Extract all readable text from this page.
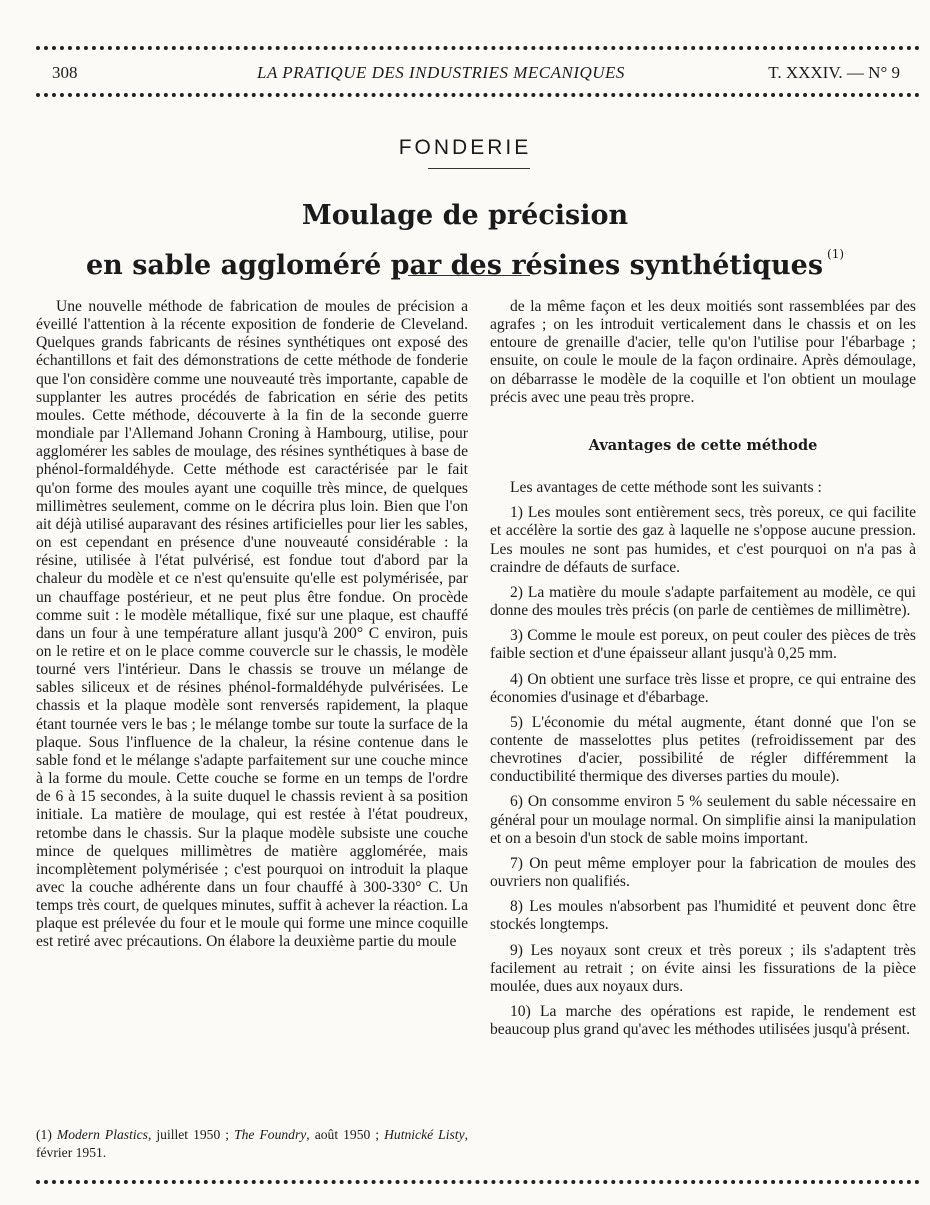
308	LA PRATIQUE DES INDUSTRIES MECANIQUES	T. XXXIV. — N° 9
FONDERIE
Moulage de précision
en sable aggloméré par des résines synthétiques $^{(1)}$

Une nouvelle méthode de fabrication de moules de précision a éveillé l'attention à la récente exposition de fonderie de Cleveland. Quelques grands fabricants de résines synthétiques ont exposé des échantillons et fait des démonstrations de cette méthode de fonderie que l'on considère comme une nouveauté très importante, capable de supplanter les autres procédés de fabrication en série des petits moules. Cette méthode, découverte à la fin de la seconde guerre mondiale par l'Allemand Johann Croning à Hambourg, utilise, pour agglomérer les sables de moulage, des résines synthétiques à base de phénol-formaldéhyde. Cette méthode est caractérisée par le fait qu'on forme des moules ayant une coquille très mince, de quelques millimètres seulement, comme on le décrira plus loin. Bien que l'on ait déjà utilisé auparavant des résines artificielles pour lier les sables, on est cependant en présence d'une nouveauté considérable : la résine, utilisée à l'état pulvérisé, est fondue tout d'abord par la chaleur du modèle et ce n'est qu'ensuite qu'elle est polymérisée, par un chauffage postérieur, et ne peut plus être fondue. On procède comme suit : le modèle métallique, fixé sur une plaque, est chauffé dans un four à une température allant jusqu'à 200° C environ, puis on le retire et on le place comme couvercle sur le chassis, le modèle tourné vers l'intérieur. Dans le chassis se trouve un mélange de sables siliceux et de résines phénol-formaldéhyde pulvérisées. Le chassis et la plaque modèle sont renversés rapidement, la plaque étant tournée vers le bas ; le mélange tombe sur toute la surface de la plaque. Sous l'influence de la chaleur, la résine contenue dans le sable fond et le mélange s'adapte parfaitement sur une couche mince à la forme du moule. Cette couche se forme en un temps de l'ordre de 6 à 15 secondes, à la suite duquel le chassis revient à sa position initiale. La matière de moulage, qui est restée à l'état poudreux, retombe dans le chassis. Sur la plaque modèle subsiste une couche mince de quelques millimètres de matière agglomérée, mais incomplètement polymérisée ; c'est pourquoi on introduit la plaque avec la couche adhérente dans un four chauffé à 300-330° C. Un temps très court, de quelques minutes, suffit à achever la réaction. La plaque est prélevée du four et le moule qui forme une mince coquille est retiré avec précautions. On élabore la deuxième partie du moule

de la même façon et les deux moitiés sont rassemblées par des agrafes ; on les introduit verticalement dans le chassis et on les entoure de grenaille d'acier, telle qu'on l'utilise pour l'ébarbage ; ensuite, on coule le moule de la façon ordinaire. Après démoulage, on débarrasse le modèle de la coquille et l'on obtient un moulage précis avec une peau très propre.

Avantages de cette méthode

Les avantages de cette méthode sont les suivants :

1) Les moules sont entièrement secs, très poreux, ce qui facilite et accélère la sortie des gaz à laquelle ne s'oppose aucune pression. Les moules ne sont pas humides, et c'est pourquoi on n'a pas à craindre de défauts de surface.

2) La matière du moule s'adapte parfaitement au modèle, ce qui donne des moules très précis (on parle de centièmes de millimètre).

3) Comme le moule est poreux, on peut couler des pièces de très faible section et d'une épaisseur allant jusqu'à 0,25 mm.

4) On obtient une surface très lisse et propre, ce qui entraine des économies d'usinage et d'ébarbage.

5) L'économie du métal augmente, étant donné que l'on se contente de masselottes plus petites (refroidissement par des chevrotines d'acier, possibilité de régler différemment la conductibilité thermique des diverses parties du moule).

6) On consomme environ 5 % seulement du sable nécessaire en général pour un moulage normal. On simplifie ainsi la manipulation et on a besoin d'un stock de sable moins important.

7) On peut même employer pour la fabrication de moules des ouvriers non qualifiés.

8) Les moules n'absorbent pas l'humidité et peuvent donc être stockés longtemps.

9) Les noyaux sont creux et très poreux ; ils s'adaptent très facilement au retrait ; on évite ainsi les fissurations de la pièce moulée, dues aux noyaux durs.

10) La marche des opérations est rapide, le rendement est beaucoup plus grand qu'avec les méthodes utilisées jusqu'à présent.

(1) Modern Plastics, juillet 1950 ; The Foundry, août 1950 ; Hutnické Listy, février 1951.
